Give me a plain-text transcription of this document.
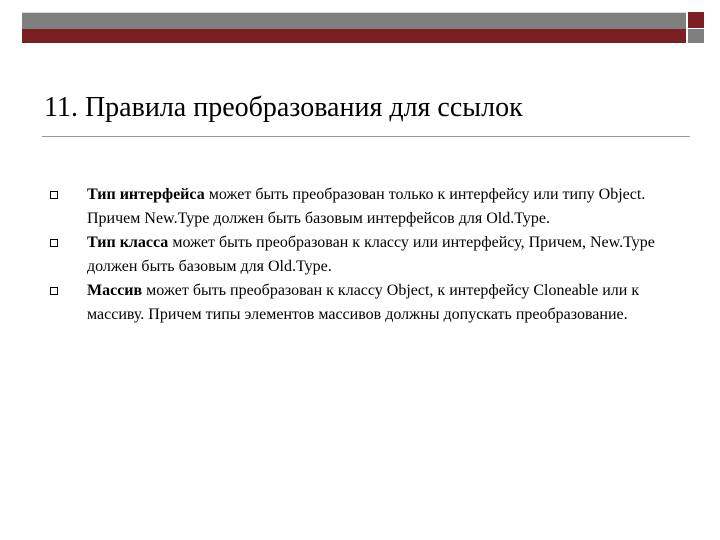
11. Правила преобразования для ссылок
Тип интерфейса может быть преобразован только к интерфейсу или типу Object. Причем New.Type должен быть базовым интерфейсов для Old.Type.
Тип класса может быть преобразован к классу или интерфейсу, Причем, New.Type должен быть базовым для Old.Type.
Массив может быть преобразован к классу Object, к интерфейсу Cloneable или к массиву. Причем типы элементов массивов должны допускать преобразование.
